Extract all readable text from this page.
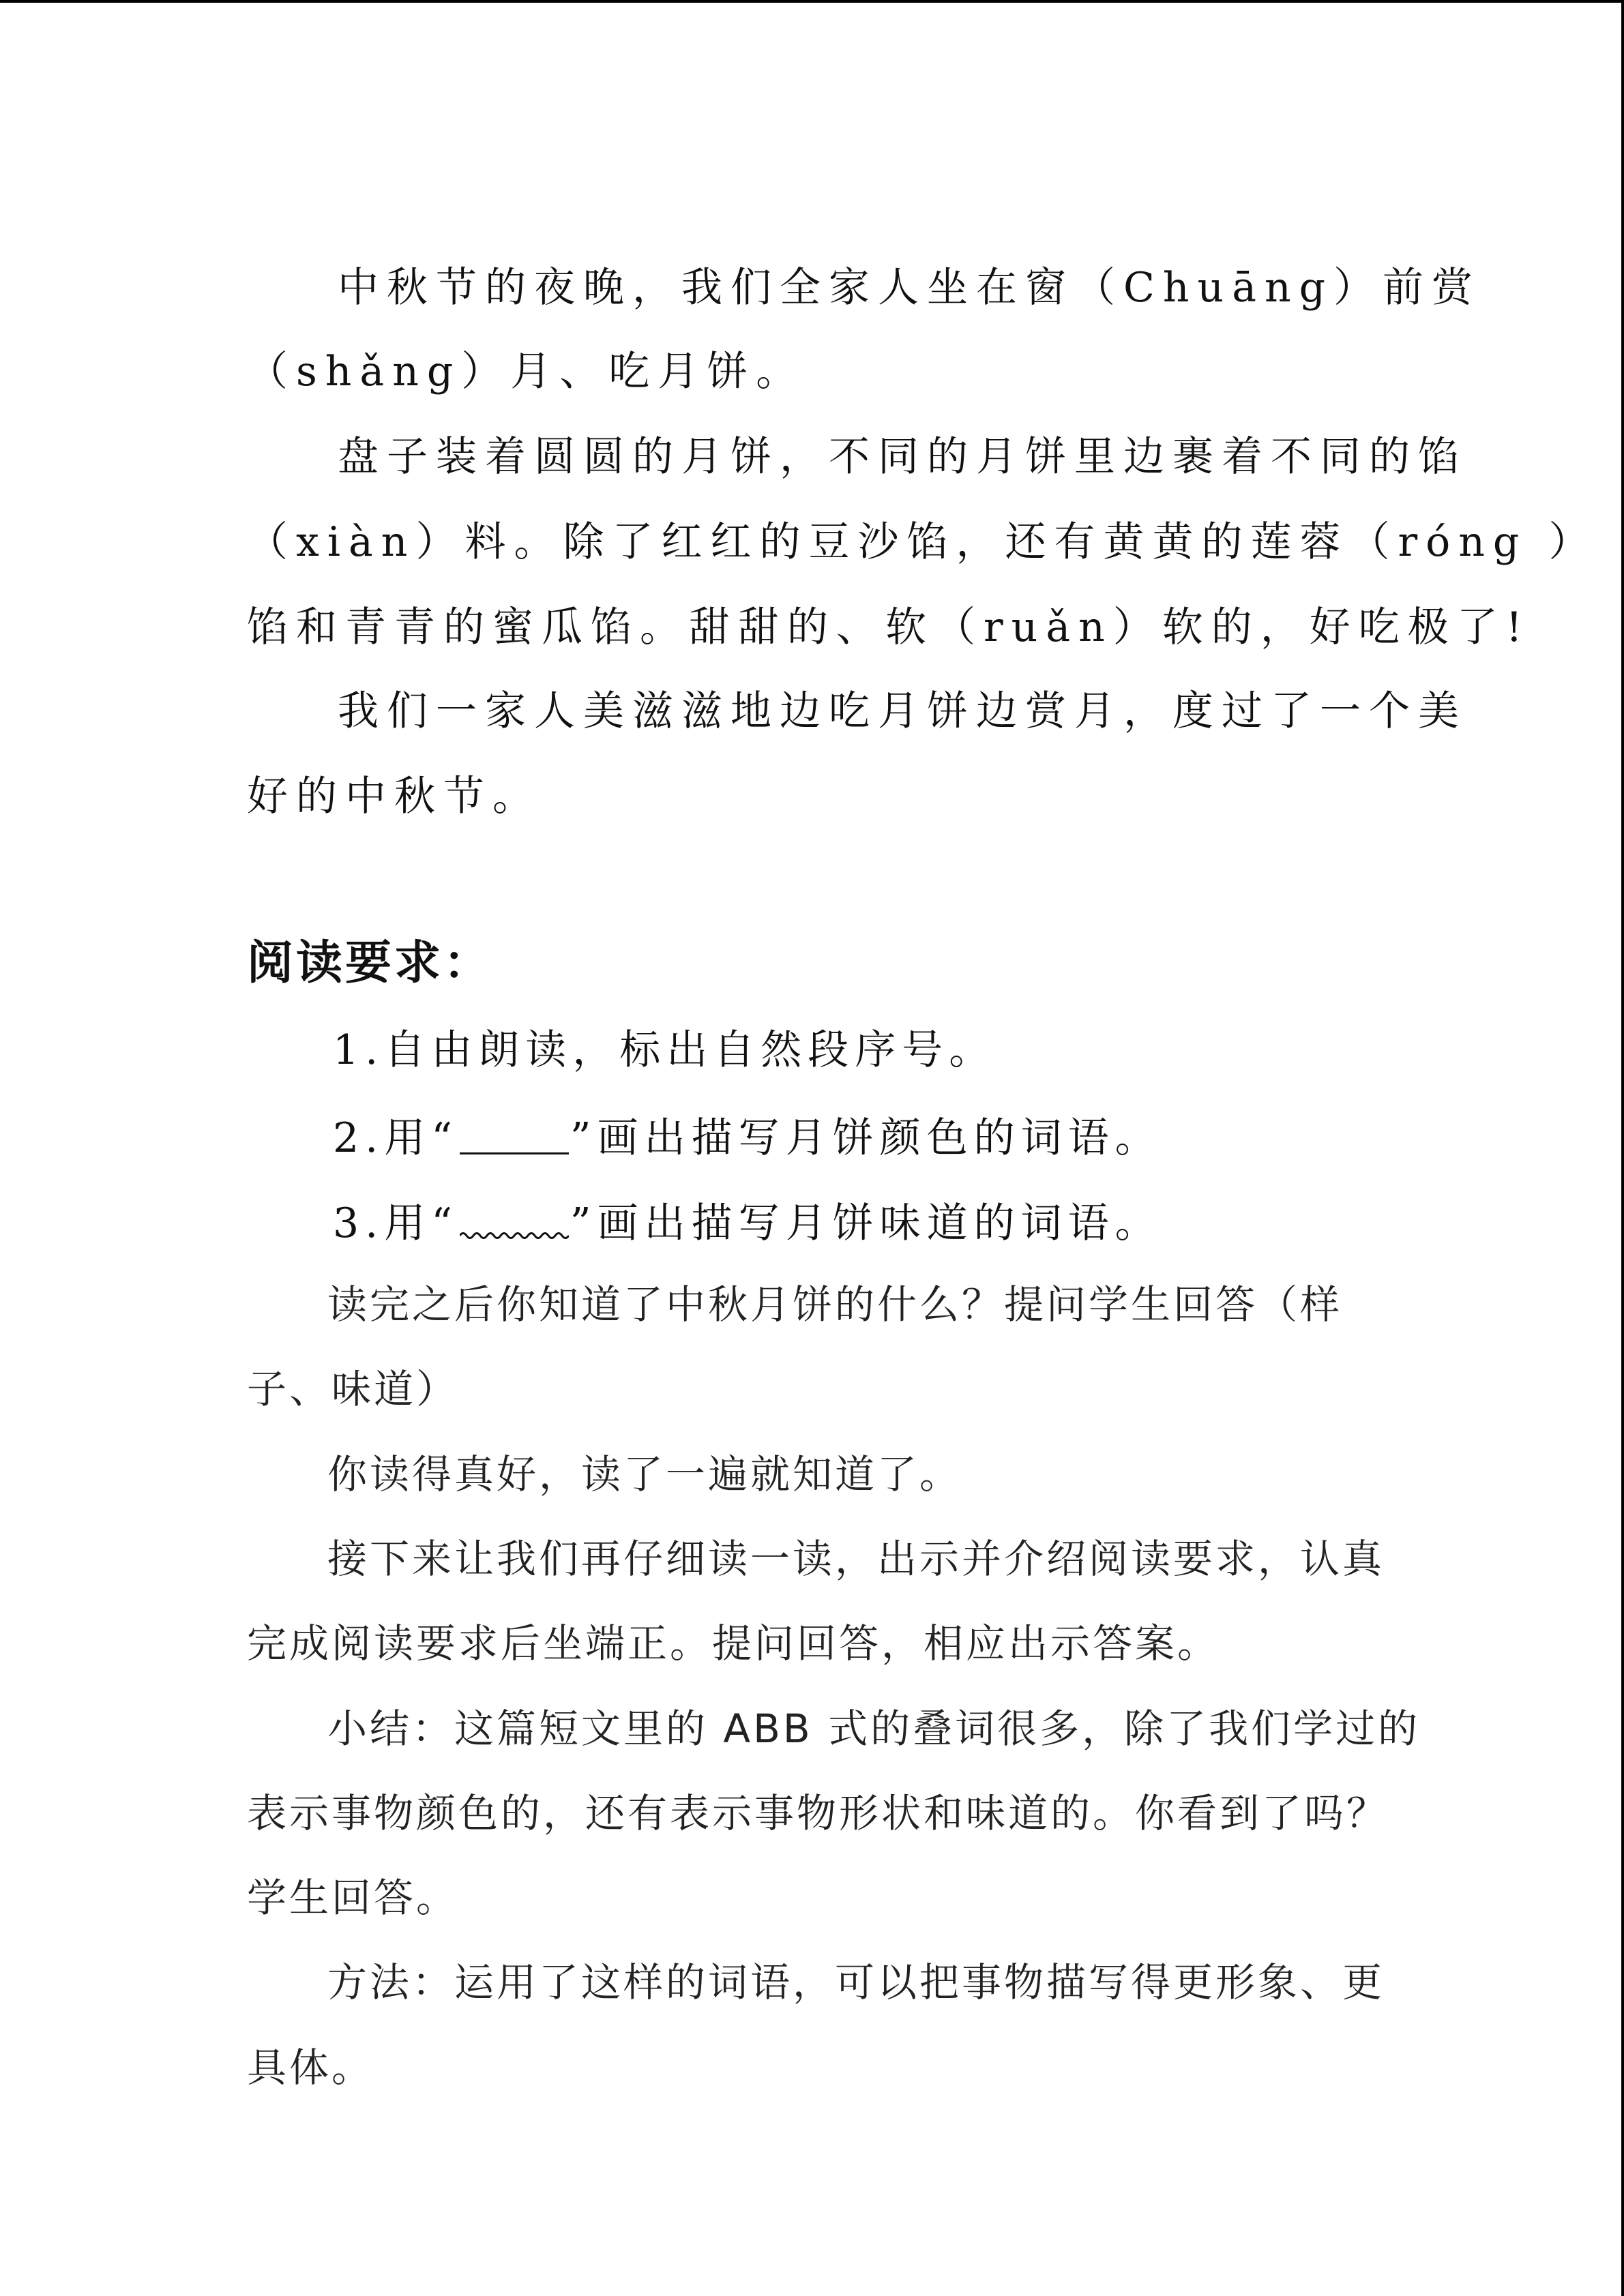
中秋节的夜晚，我们全家人坐在窗（Chuāng）前赏
（shǎng）月、吃月饼。
盘子装着圆圆的月饼，不同的月饼里边裹着不同的馅
（xiàn）料。除了红红的豆沙馅，还有黄黄的莲蓉（róng ）
馅和青青的蜜瓜馅。甜甜的、软（ruǎn）软的，好吃极了!
我们一家人美滋滋地边吃月饼边赏月，度过了一个美
好的中秋节。
阅读要求：
1.自由朗读，标出自然段序号。
2.用“	”画出描写月饼颜色的词语。
3.用“	”画出描写月饼味道的词语。
读完之后你知道了中秋月饼的什么？提问学生回答（样
子、味道）
你读得真好，读了一遍就知道了。
接下来让我们再仔细读一读，出示并介绍阅读要求，认真
完成阅读要求后坐端正。提问回答，相应出示答案。
小结：这篇短文里的 ABB 式的叠词很多，除了我们学过的
表示事物颜色的，还有表示事物形状和味道的。你看到了吗？
学生回答。
方法：运用了这样的词语，可以把事物描写得更形象、更
具体。
